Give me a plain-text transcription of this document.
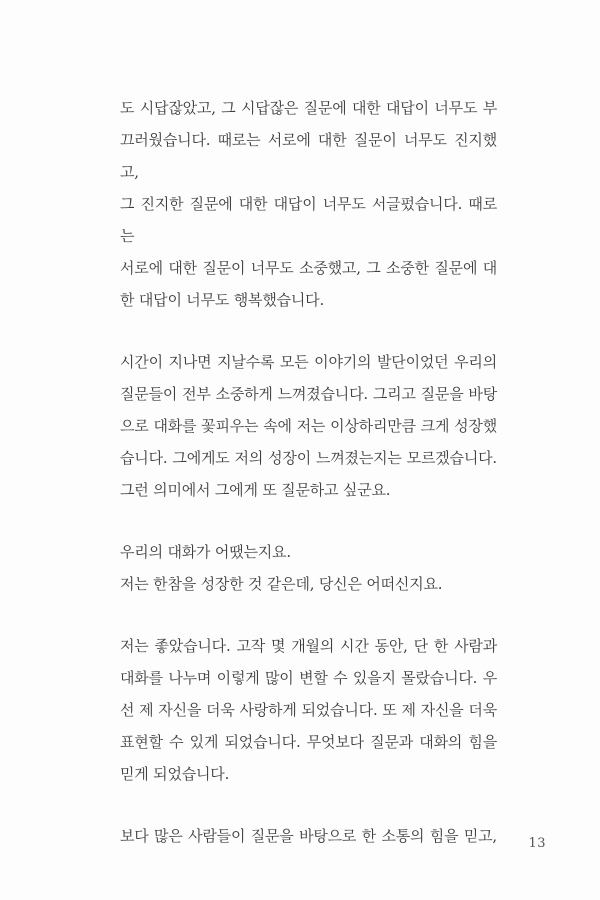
도 시답잖았고, 그 시답잖은 질문에 대한 대답이 너무도 부
끄러웠습니다. 때로는 서로에 대한 질문이 너무도 진지했고,
그 진지한 질문에 대한 대답이 너무도 서글펐습니다. 때로는
서로에 대한 질문이 너무도 소중했고, 그 소중한 질문에 대
한 대답이 너무도 행복했습니다.

시간이 지나면 지날수록 모든 이야기의 발단이었던 우리의
질문들이 전부 소중하게 느껴졌습니다. 그리고 질문을 바탕
으로 대화를 꽃피우는 속에 저는 이상하리만큼 크게 성장했
습니다. 그에게도 저의 성장이 느껴졌는지는 모르겠습니다.
그런 의미에서 그에게 또 질문하고 싶군요.

우리의 대화가 어땠는지요.
저는 한참을 성장한 것 같은데, 당신은 어떠신지요.

저는 좋았습니다. 고작 몇 개월의 시간 동안, 단 한 사람과
대화를 나누며 이렇게 많이 변할 수 있을지 몰랐습니다. 우
선 제 자신을 더욱 사랑하게 되었습니다. 또 제 자신을 더욱
표현할 수 있게 되었습니다. 무엇보다 질문과 대화의 힘을
믿게 되었습니다.

보다 많은 사람들이 질문을 바탕으로 한 소통의 힘을 믿고, 13
